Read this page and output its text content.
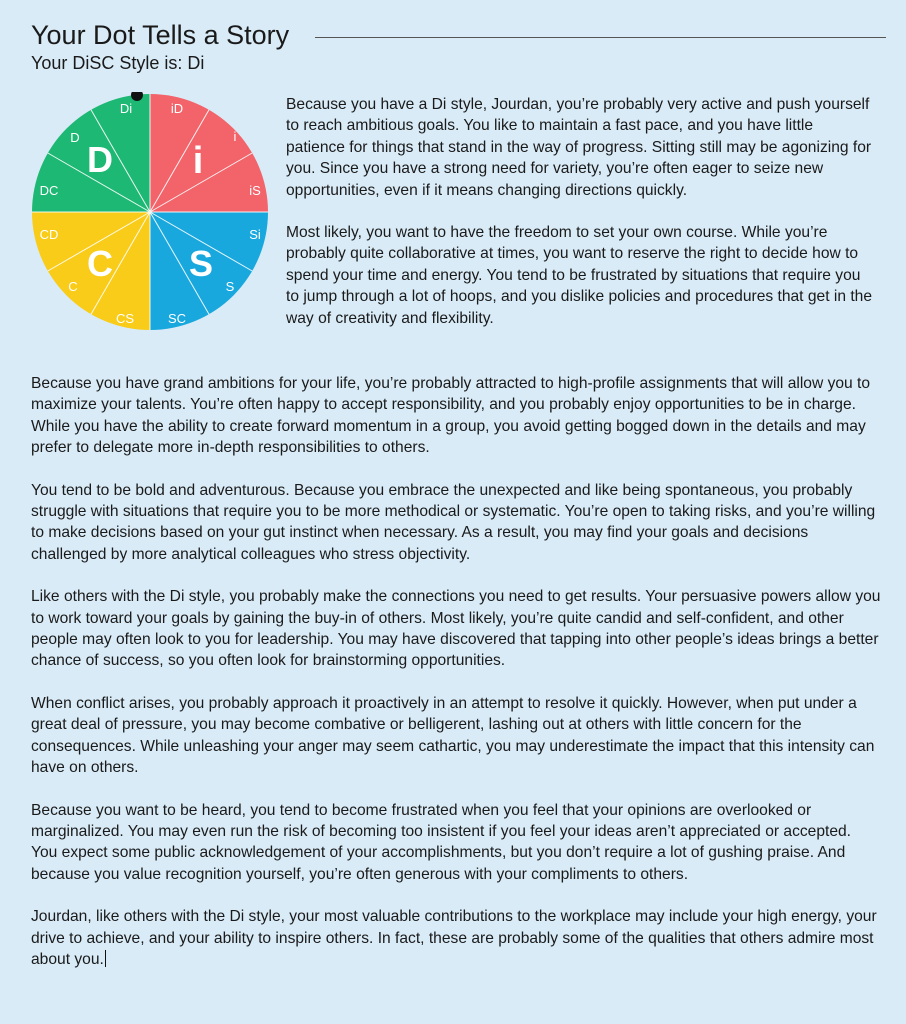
Your Dot Tells a Story
Your DiSC Style is: Di
D i
S
C
Di	iD
i
iS
Si
S
SC
CS
C
CD
DC
D

Because you have a Di style, Jourdan, you’re probably very active and push yourself to reach ambitious goals. You like to maintain a fast pace, and you have little patience for things that stand in the way of progress. Sitting still may be agonizing for you. Since you have a strong need for variety, you’re often eager to seize new opportunities, even if it means changing directions quickly.

Most likely, you want to have the freedom to set your own course. While you’re probably quite collaborative at times, you want to reserve the right to decide how to spend your time and energy. You tend to be frustrated by situations that require you to jump through a lot of hoops, and you dislike policies and procedures that get in the way of creativity and flexibility.

Because you have grand ambitions for your life, you’re probably attracted to high-profile assignments that will allow you to maximize your talents. You’re often happy to accept responsibility, and you probably enjoy opportunities to be in charge. While you have the ability to create forward momentum in a group, you avoid getting bogged down in the details and may prefer to delegate more in-depth responsibilities to others.

You tend to be bold and adventurous. Because you embrace the unexpected and like being spontaneous, you probably struggle with situations that require you to be more methodical or systematic. You’re open to taking risks, and you’re willing to make decisions based on your gut instinct when necessary. As a result, you may find your goals and decisions challenged by more analytical colleagues who stress objectivity.

Like others with the Di style, you probably make the connections you need to get results. Your persuasive powers allow you to work toward your goals by gaining the buy-in of others. Most likely, you’re quite candid and self-confident, and other people may often look to you for leadership. You may have discovered that tapping into other people’s ideas brings a better chance of success, so you often look for brainstorming opportunities.

When conflict arises, you probably approach it proactively in an attempt to resolve it quickly. However, when put under a great deal of pressure, you may become combative or belligerent, lashing out at others with little concern for the consequences. While unleashing your anger may seem cathartic, you may underestimate the impact that this intensity can have on others.

Because you want to be heard, you tend to become frustrated when you feel that your opinions are overlooked or marginalized. You may even run the risk of becoming too insistent if you feel your ideas aren’t appreciated or accepted. You expect some public acknowledgement of your accomplishments, but you don’t require a lot of gushing praise. And because you value recognition yourself, you’re often generous with your compliments to others.

Jourdan, like others with the Di style, your most valuable contributions to the workplace may include your high energy, your drive to achieve, and your ability to inspire others. In fact, these are probably some of the qualities that others admire most about you.
